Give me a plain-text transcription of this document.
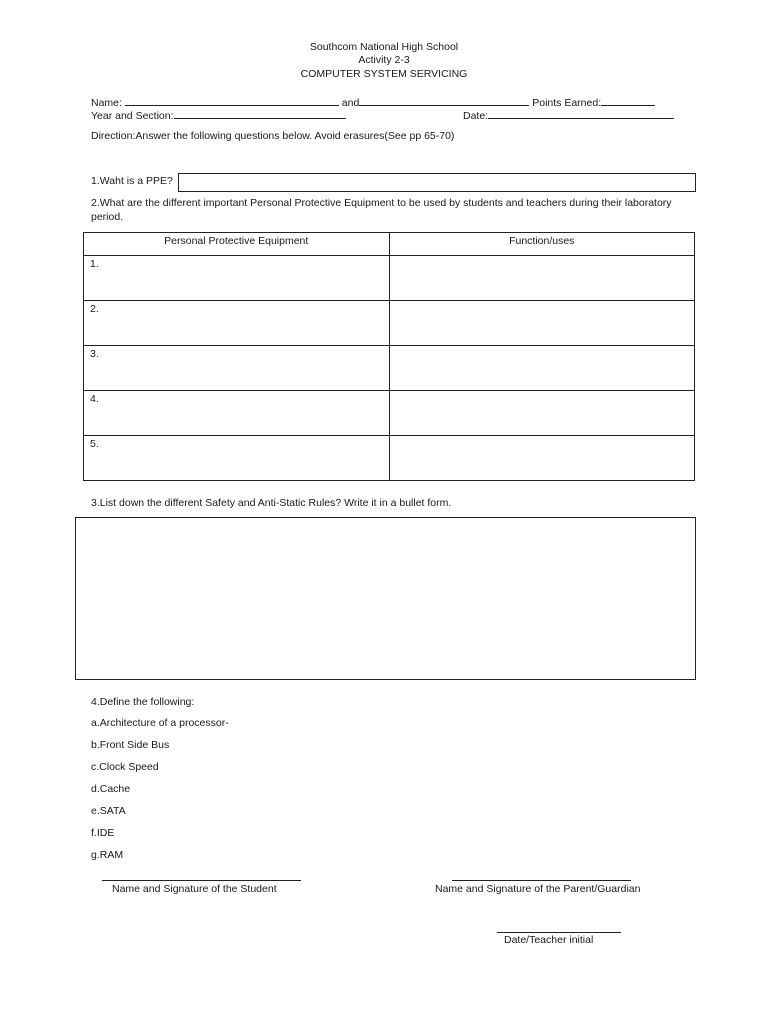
Southcom National High School
Activity 2-3
COMPUTER SYSTEM SERVICING
Name:	and	Points Earned:
Year and Section:	Date:
Direction:Answer the following questions below. Avoid erasures(See pp 65-70)
1.Waht is a PPE?
2.What are the different important Personal Protective Equipment to be used by students and teachers during their laboratory period.
Personal Protective Equipment	Function/uses
1.	
2.	
3.	
4.	
5.	
3.List down the different Safety and Anti-Static Rules? Write it in a bullet form.
4.Define the following:
a.Architecture of a processor-
b.Front Side Bus
c.Clock Speed
d.Cache
e.SATA
f.IDE
g.RAM
Name and Signature of the Student	Name and Signature of the Parent/Guardian
Date/Teacher initial
